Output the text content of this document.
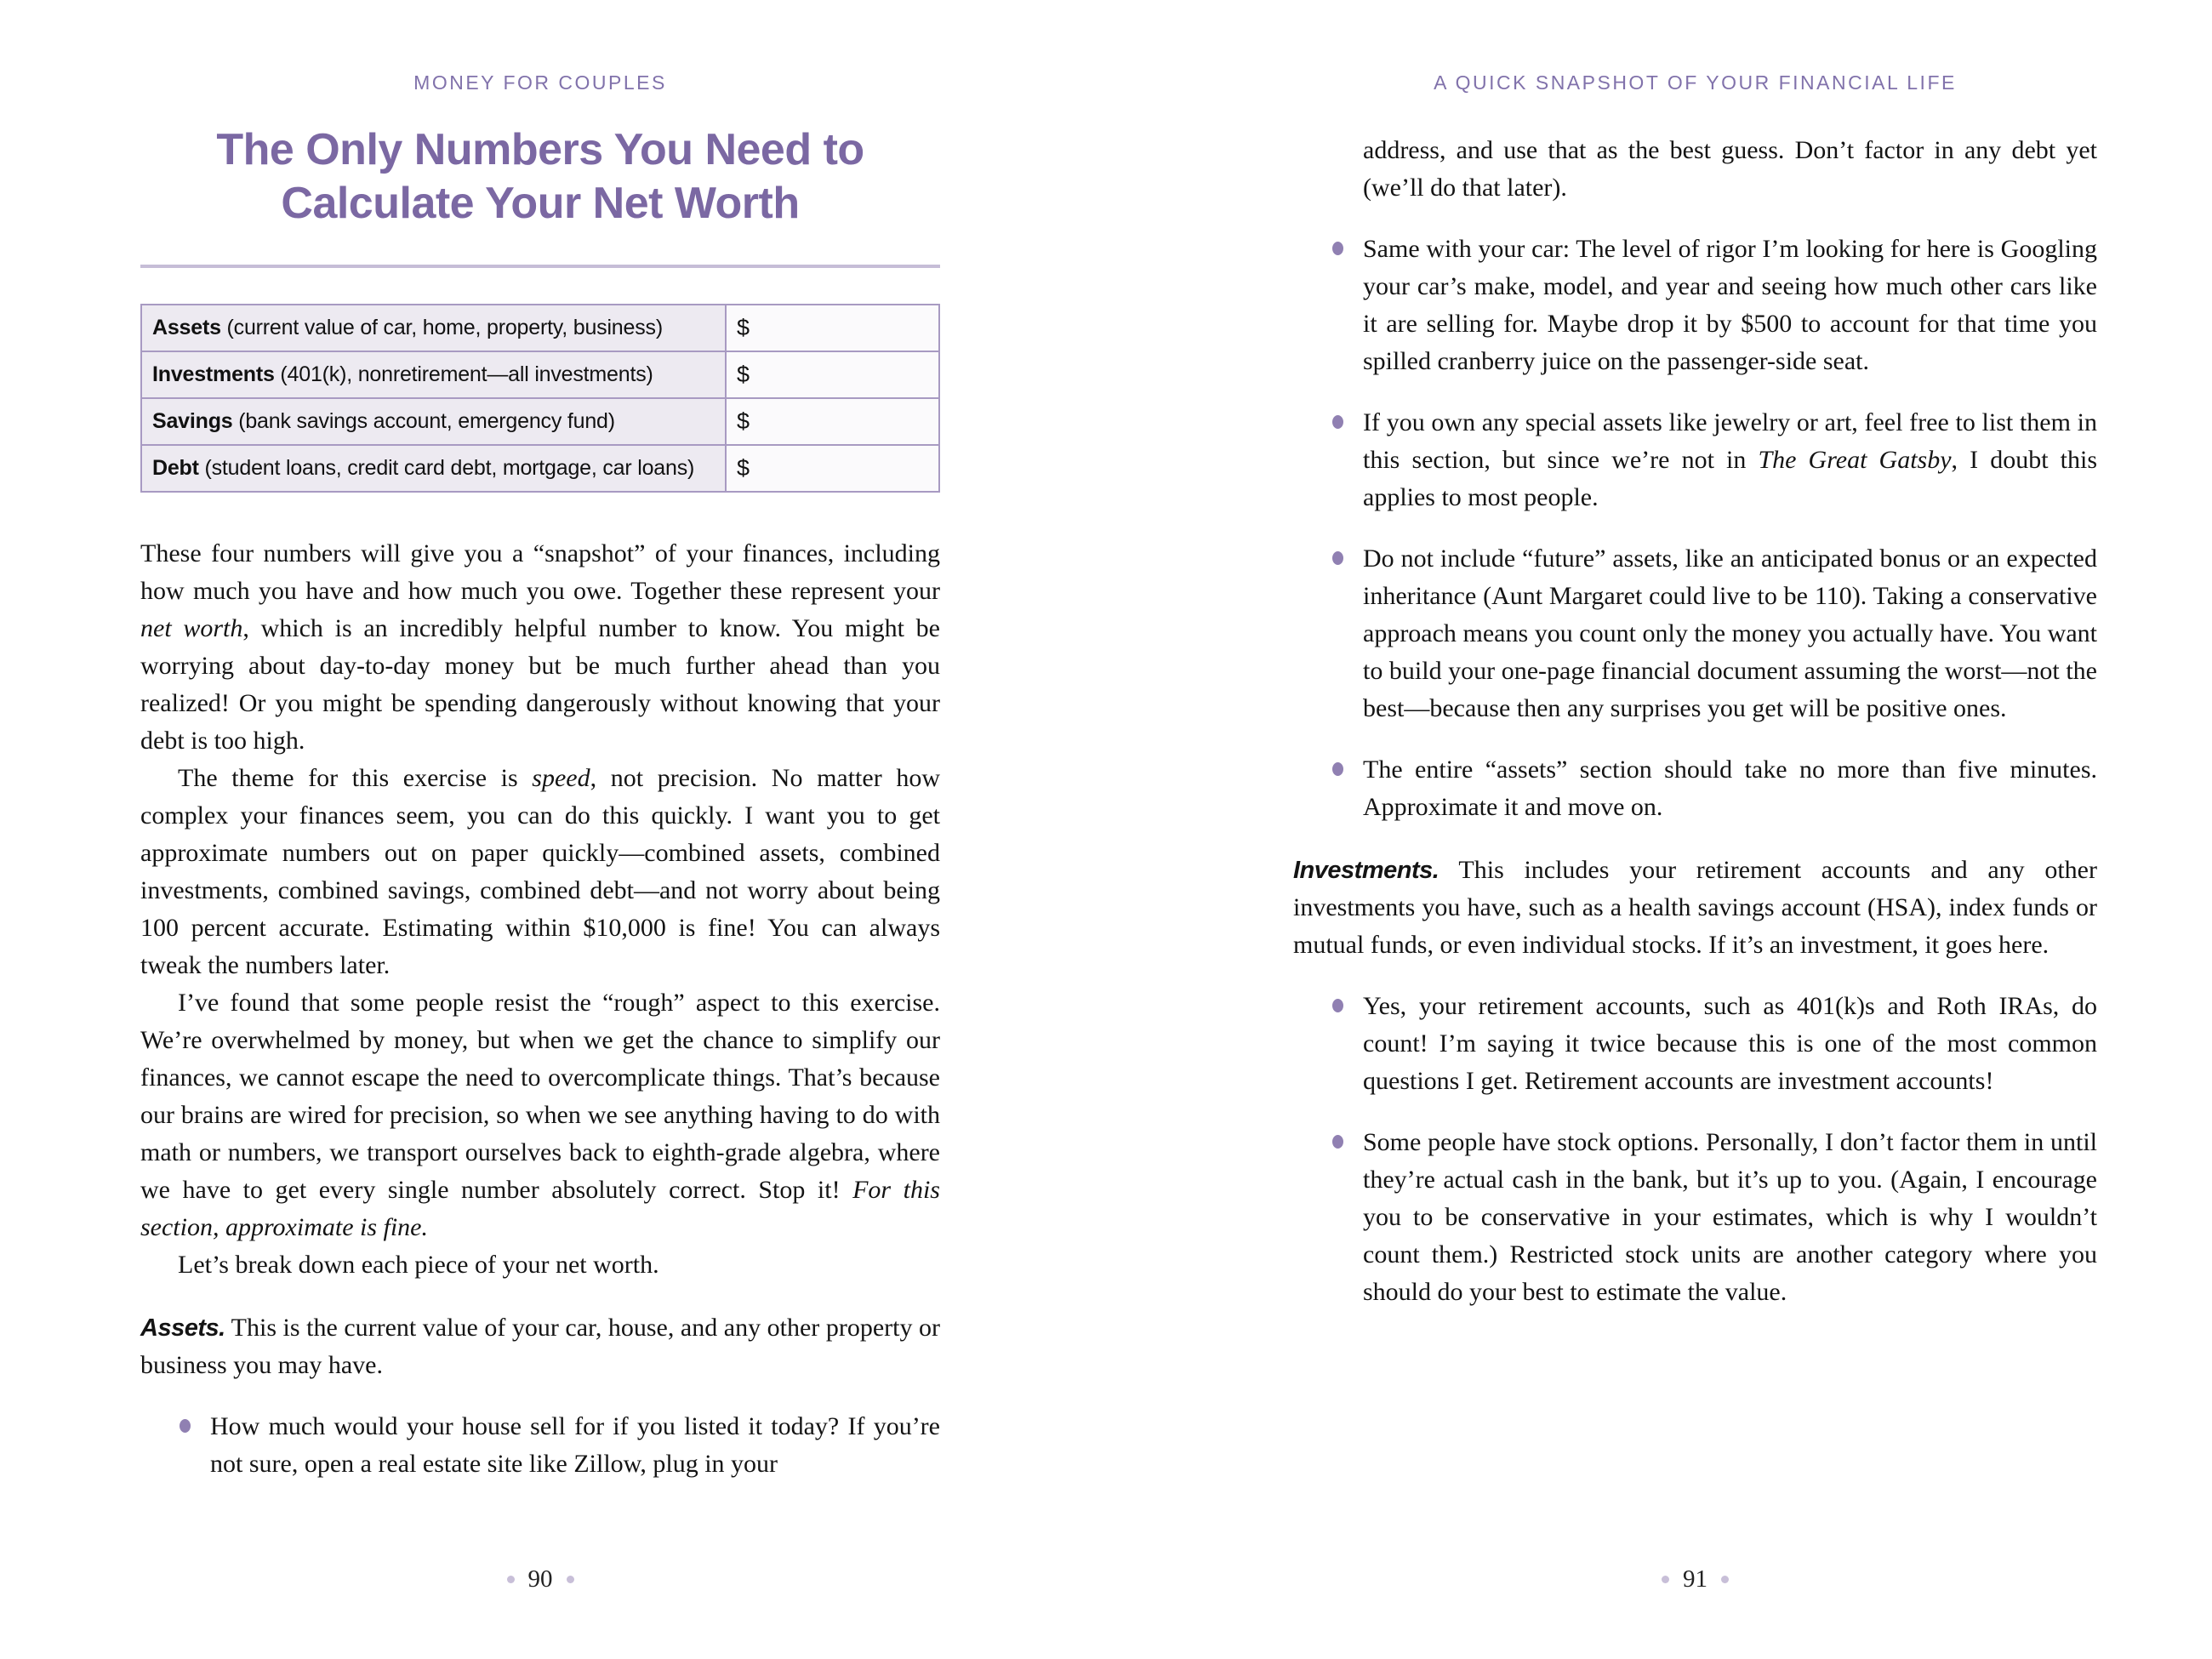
MONEY FOR COUPLES
The Only Numbers You Need to
Calculate Your Net Worth
Assets (current value of car, home, property, business)	$
Investments (401(k), nonretirement—all investments)	$
Savings (bank savings account, emergency fund)	$
Debt (student loans, credit card debt, mortgage, car loans)	$

These four numbers will give you a “snapshot” of your finances, including how much you have and how much you owe. Together these represent your net worth, which is an incredibly helpful number to know. You might be worrying about day-to-day money but be much further ahead than you realized! Or you might be spending dangerously without knowing that your debt is too high.

The theme for this exercise is speed, not precision. No matter how complex your finances seem, you can do this quickly. I want you to get approximate numbers out on paper quickly—combined assets, combined investments, combined savings, combined debt—and not worry about being 100 percent accurate. Estimating within $10,000 is fine! You can always tweak the numbers later.

I’ve found that some people resist the “rough” aspect to this exercise. We’re overwhelmed by money, but when we get the chance to simplify our finances, we cannot escape the need to overcomplicate things. That’s because our brains are wired for precision, so when we see anything having to do with math or numbers, we transport ourselves back to eighth-grade algebra, where we have to get every single number absolutely correct. Stop it! For this section, approximate is fine.

Let’s break down each piece of your net worth.

Assets. This is the current value of your car, house, and any other property or business you may have.

How much would your house sell for if you listed it today? If you’re not sure, open a real estate site like Zillow, plug in your
90
A QUICK SNAPSHOT OF YOUR FINANCIAL LIFE

address, and use that as the best guess. Don’t factor in any debt yet (we’ll do that later).

Same with your car: The level of rigor I’m looking for here is Googling your car’s make, model, and year and seeing how much other cars like it are selling for. Maybe drop it by $500 to account for that time you spilled cranberry juice on the passenger-side seat.
If you own any special assets like jewelry or art, feel free to list them in this section, but since we’re not in The Great Gatsby, I doubt this applies to most people.
Do not include “future” assets, like an anticipated bonus or an expected inheritance (Aunt Margaret could live to be 110). Taking a conservative approach means you count only the money you actually have. You want to build your one-page financial document assuming the worst—not the best—because then any surprises you get will be positive ones.
The entire “assets” section should take no more than five minutes. Approximate it and move on.

Investments. This includes your retirement accounts and any other investments you have, such as a health savings account (HSA), index funds or mutual funds, or even individual stocks. If it’s an investment, it goes here.

Yes, your retirement accounts, such as 401(k)s and Roth IRAs, do count! I’m saying it twice because this is one of the most common questions I get. Retirement accounts are investment accounts!
Some people have stock options. Personally, I don’t factor them in until they’re actual cash in the bank, but it’s up to you. (Again, I encourage you to be conservative in your estimates, which is why I wouldn’t count them.) Restricted stock units are another category where you should do your best to estimate the value.
91
